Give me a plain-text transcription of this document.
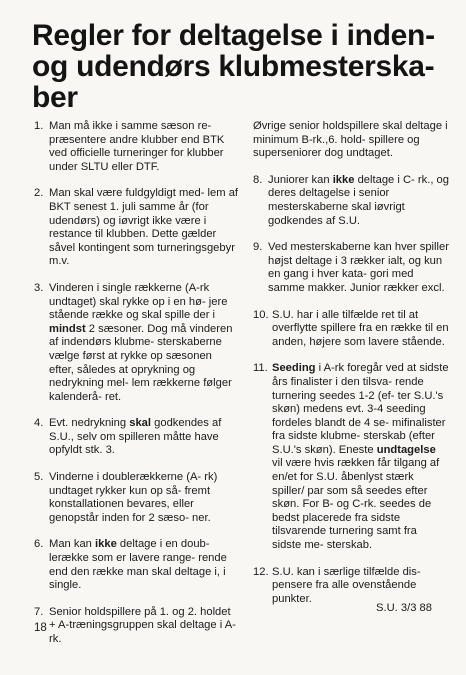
Regler for deltagelse i inden-
og udendørs klubmesterska-
ber
1. Man må ikke i samme sæson re- præsentere andre klubber end BTK ved officielle turneringer for klubber under SLTU eller DTF.

2. Man skal være fuldgyldigt med- lem af BKT senest 1. juli samme år (for udendørs) og iøvrigt ikke være i restance til klubben. Dette gælder såvel kontingent som turneringsgebyr m.v.

3. Vinderen i single rækkerne (A-rk undtaget) skal rykke op i en hø- jere stående række og skal spille der i mindst 2 sæsoner. Dog må vinderen af indendørs klubme- sterskaberne vælge først at rykke op sæsonen efter, således at oprykning og nedrykning mel- lem rækkerne følger kalenderå- ret.

4. Evt. nedrykning skal godkendes af S.U., selv om spilleren måtte have opfyldt stk. 3.

5. Vinderne i doublerækkerne (A- rk) undtaget rykker kun op så- fremt konstallationen bevares, eller genopstår inden for 2 sæso- ner.

6. Man kan ikke deltage i en doub- lerække som er lavere range- rende end den række man skal deltage i, i single.

7. Senior holdspillere på 1. og 2. holdet + A-træningsgruppen skal deltage i A-rk.

Øvrige senior holdspillere skal deltage i minimum B-rk.,6. hold- spillere og superseniorer dog undtaget.

8. Juniorer kan ikke deltage i C- rk., og deres deltagelse i senior mesterskaberne skal iøvrigt godkendes af S.U.

9. Ved mesterskaberne kan hver spiller højst deltage i 3 rækker ialt, og kun en gang i hver kata- gori med samme makker. Junior rækker excl.

10. S.U. har i alle tilfælde ret til at overflytte spillere fra en række til en anden, højere som lavere stående.

11. Seeding i A-rk foregår ved at sidste års finalister i den tilsva- rende turnering seedes 1-2 (ef- ter S.U.'s skøn) medens evt. 3-4 seeding fordeles blandt de 4 se- mifinalister fra sidste klubme- sterskab (efter S.U.'s skøn). Eneste undtagelse vil være hvis rækken får tilgang af en/et for S.U. åbenlyst stærk spiller/ par som så seedes efter skøn. For B- og C-rk. seedes de bedst placerede fra sidste tilsvarende turnering samt fra sidste me- sterskab.

12. S.U. kan i særlige tilfælde dis- pensere fra alle ovenstående punkter.

S.U. 3/3 88

18
